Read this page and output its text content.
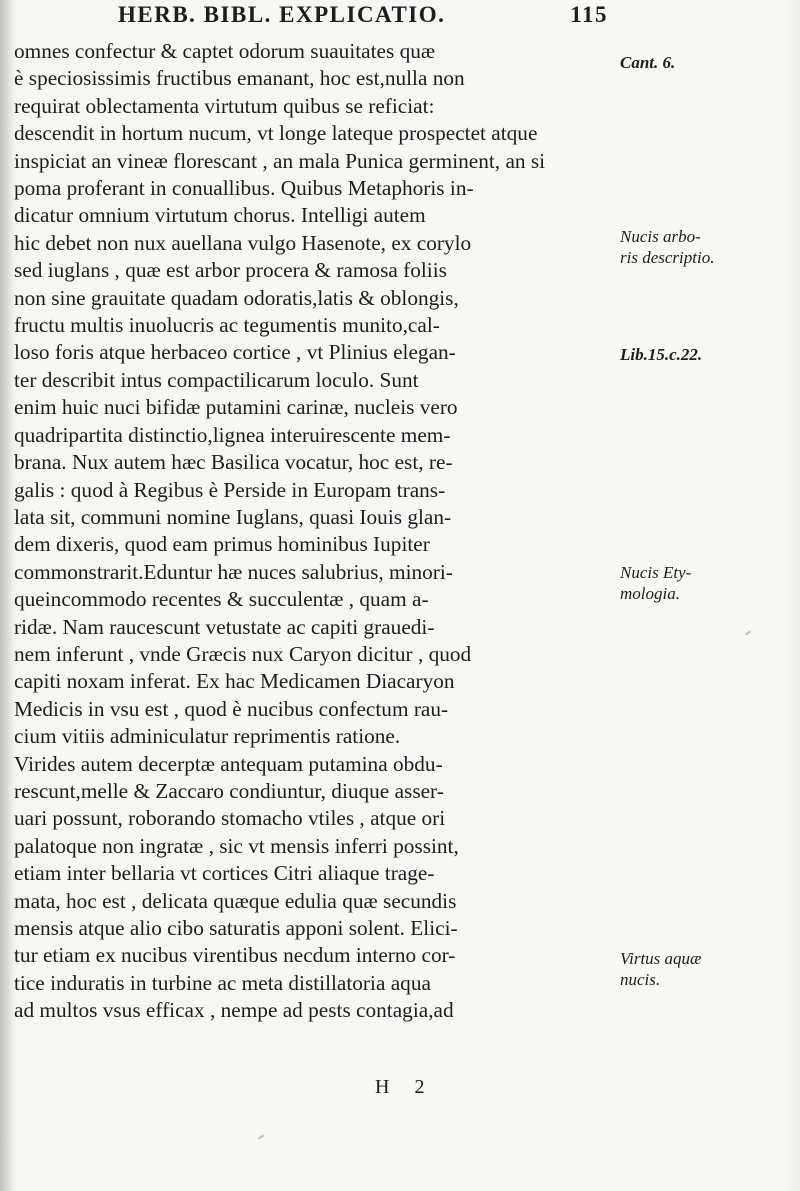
HERB. BIBL. EXPLICATIO.	115
omnes confectur & captet odorum suauitates quæ
è speciosissimis fructibus emanant, hoc est,nulla non
requirat oblectamenta virtutum quibus se reficiat:
descendit in hortum nucum, vt longe lateque prospectet atque
inspiciat an vineæ florescant , an mala Punica germinent, an si
poma proferant in conuallibus. Quibus Metaphoris in-
dicatur omnium virtutum chorus. Intelligi autem
hic debet non nux auellana vulgo Hasenote, ex corylo
sed iuglans , quæ est arbor procera & ramosa foliis
non sine grauitate quadam odoratis,latis & oblongis,
fructu multis inuolucris ac tegumentis munito,cal-
loso foris atque herbaceo cortice , vt Plinius elegan-
ter describit intus compactilicarum loculo. Sunt
enim huic nuci bifidæ putamini carinæ, nucleis vero
quadripartita distinctio,lignea interuirescente mem-
brana. Nux autem hæc Basilica vocatur, hoc est, re-
galis : quod à Regibus è Perside in Europam trans-
lata sit, communi nomine Iuglans, quasi Iouis glan-
dem dixeris, quod eam primus hominibus Iupiter
commonstrarit.Eduntur hæ nuces salubrius, minori-
queincommodo recentes & succulentæ , quam a-
ridæ. Nam raucescunt vetustate ac capiti grauedi-
nem inferunt , vnde Græcis nux Caryon dicitur , quod
capiti noxam inferat. Ex hac Medicamen Diacaryon
Medicis in vsu est , quod è nucibus confectum rau-
cium vitiis adminiculatur reprimentis ratione.
Virides autem decerptæ antequam putamina obdu-
rescunt,melle & Zaccaro condiuntur, diuque asser-
uari possunt, roborando stomacho vtiles , atque ori
palatoque non ingratæ , sic vt mensis inferri possint,
etiam inter bellaria vt cortices Citri aliaque trage-
mata, hoc est , delicata quæque edulia quæ secundis
mensis atque alio cibo saturatis apponi solent. Elici-
tur etiam ex nucibus virentibus necdum interno cor-
tice induratis in turbine ac meta distillatoria aqua
ad multos vsus efficax , nempe ad pests contagia,ad
Cant. 6.
Nucis arbo-
ris descriptio.
Lib.15.c.22.
Nucis Ety-
mologia.
Virtus aquæ
nucis.
H 2
